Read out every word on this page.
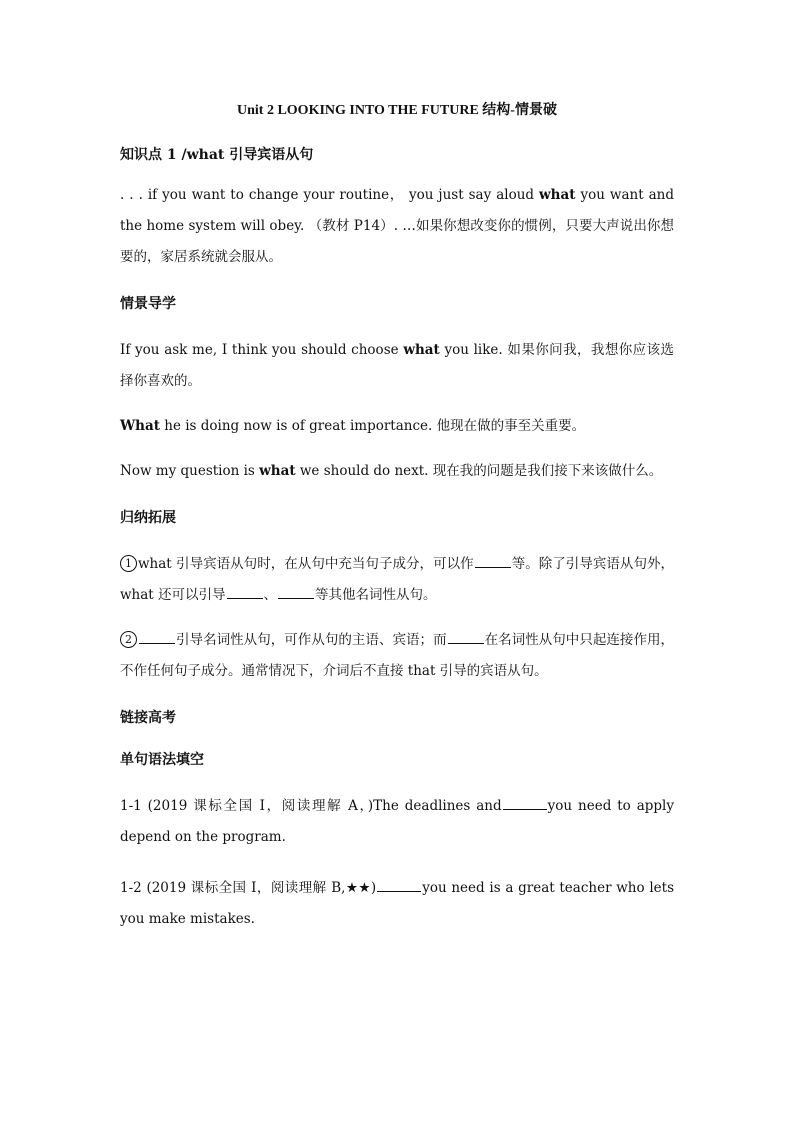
Unit 2 LOOKING INTO THE FUTURE 结构-情景破

知识点 1 /what 引导宾语从句

. . . if you want to change your routine， you just say aloud what you want and the home system will obey. （教材 P14）. …如果你想改变你的惯例，只要大声说出你想要的，家居系统就会服从。

情景导学

If you ask me, I think you should choose what you like. 如果你问我，我想你应该选择你喜欢的。

What he is doing now is of great importance. 他现在做的事至关重要。

Now my question is what we should do next. 现在我的问题是我们接下来该做什么。

归纳拓展

1 what 引导宾语从句时，在从句中充当句子成分，可以作	等。除了引导宾语从句外， what 还可以引导	、	等其他名词性从句。

2	引导名词性从句，可作从句的主语、宾语；而	在名词性从句中只起连接作用，不作任何句子成分。通常情况下，介词后不直接 that 引导的宾语从句。

链接高考

单句语法填空

1-1 (2019 课标全国 I，阅读理解 A，)The deadlines and	you need to apply depend on the program.

1-2 (2019 课标全国 I，阅读理解 B,★★)	you need is a great teacher who lets you make mistakes.
